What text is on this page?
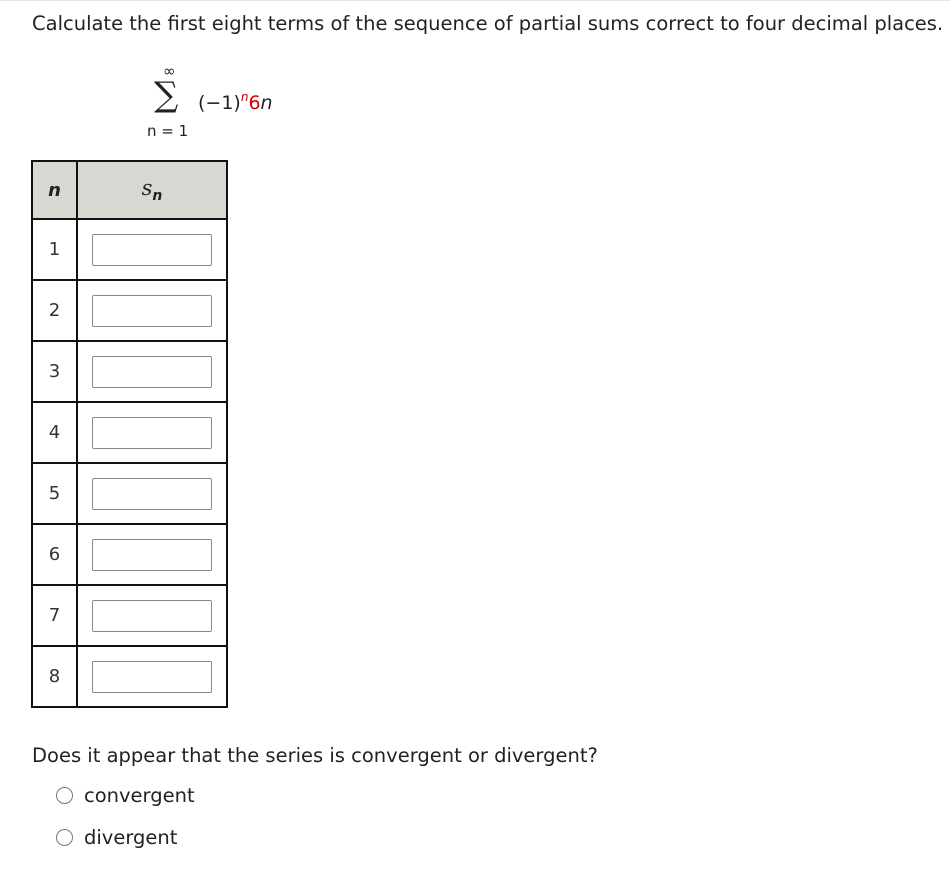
Calculate the first eight terms of the sequence of partial sums correct to four decimal places.
∞
∑ $(-1)^n6n$
n = 1
n	$s_n$
1	
2	
3	
4	
5	
6	
7	
8	
Does it appear that the series is convergent or divergent?
convergent
divergent
